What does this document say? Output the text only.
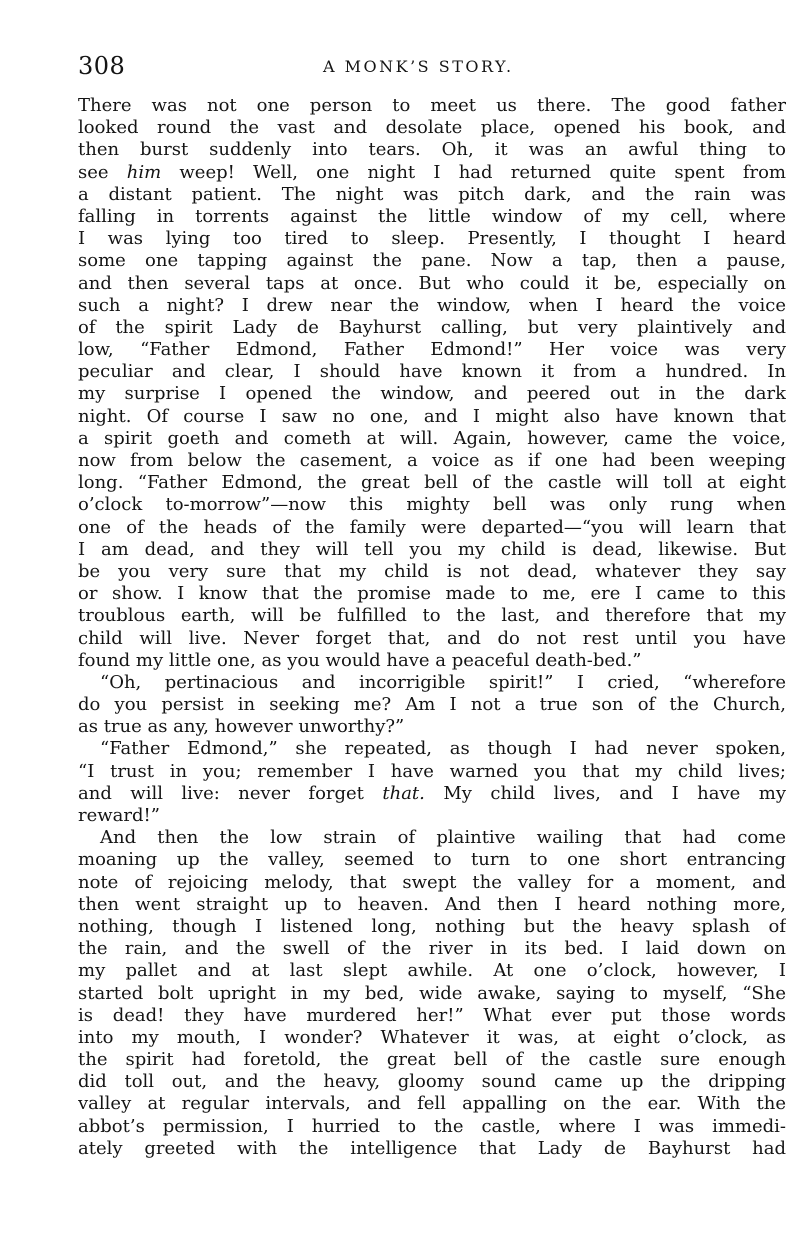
308	A MONK’S STORY.
There was not one person to meet us there. The good father
looked round the vast and desolate place, opened his book, and
then burst suddenly into tears. Oh, it was an awful thing to
see him weep! Well, one night I had returned quite spent from
a distant patient. The night was pitch dark, and the rain was
falling in torrents against the little window of my cell, where
I was lying too tired to sleep. Presently, I thought I heard
some one tapping against the pane. Now a tap, then a pause,
and then several taps at once. But who could it be, especially on
such a night? I drew near the window, when I heard the voice
of the spirit Lady de Bayhurst calling, but very plaintively and
low, “Father Edmond, Father Edmond!” Her voice was very
peculiar and clear, I should have known it from a hundred. In
my surprise I opened the window, and peered out in the dark
night. Of course I saw no one, and I might also have known that
a spirit goeth and cometh at will. Again, however, came the voice,
now from below the casement, a voice as if one had been weeping
long. “Father Edmond, the great bell of the castle will toll at eight
o’clock to-morrow”—now this mighty bell was only rung when
one of the heads of the family were departed—“you will learn that
I am dead, and they will tell you my child is dead, likewise. But
be you very sure that my child is not dead, whatever they say
or show. I know that the promise made to me, ere I came to this
troublous earth, will be fulfilled to the last, and therefore that my
child will live. Never forget that, and do not rest until you have
found my little one, as you would have a peaceful death-bed.”
“Oh, pertinacious and incorrigible spirit!” I cried, “wherefore
do you persist in seeking me? Am I not a true son of the Church,
as true as any, however unworthy?”
“Father Edmond,” she repeated, as though I had never spoken,
“I trust in you; remember I have warned you that my child lives;
and will live: never forget that. My child lives, and I have my
reward!”
And then the low strain of plaintive wailing that had come
moaning up the valley, seemed to turn to one short entrancing
note of rejoicing melody, that swept the valley for a moment, and
then went straight up to heaven. And then I heard nothing more,
nothing, though I listened long, nothing but the heavy splash of
the rain, and the swell of the river in its bed. I laid down on
my pallet and at last slept awhile. At one o’clock, however, I
started bolt upright in my bed, wide awake, saying to myself, “She
is dead! they have murdered her!” What ever put those words
into my mouth, I wonder? Whatever it was, at eight o’clock, as
the spirit had foretold, the great bell of the castle sure enough
did toll out, and the heavy, gloomy sound came up the dripping
valley at regular intervals, and fell appalling on the ear. With the
abbot’s permission, I hurried to the castle, where I was immedi-
ately greeted with the intelligence that Lady de Bayhurst had
